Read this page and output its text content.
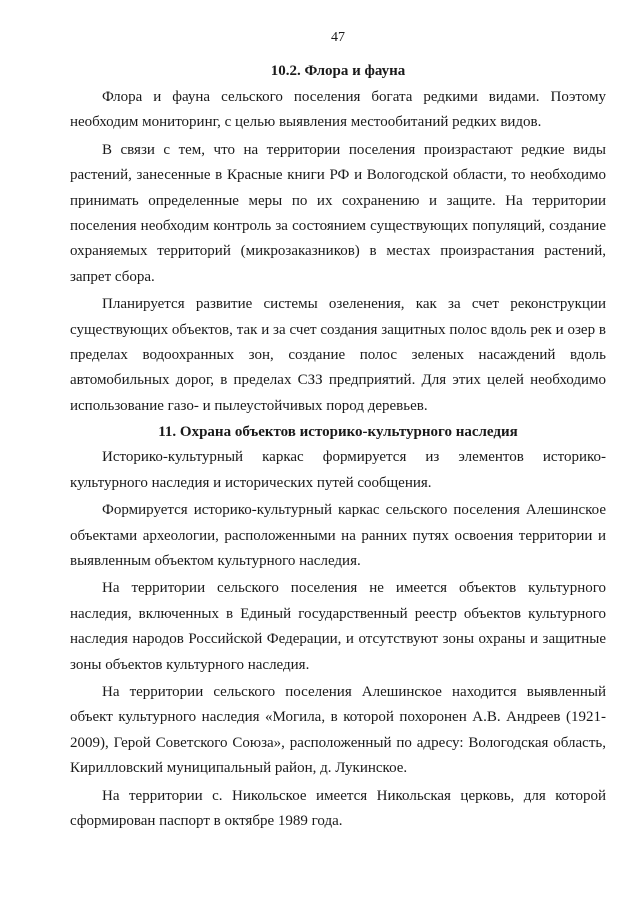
47
10.2. Флора и фауна

Флора и фауна сельского поселения богата редкими видами. Поэтому необходим мониторинг, с целью выявления местообитаний редких видов.

В связи с тем, что на территории поселения произрастают редкие виды растений, занесенные в Красные книги РФ и Вологодской области, то необходимо принимать определенные меры по их сохранению и защите. На территории поселения необходим контроль за состоянием существующих популяций, создание охраняемых территорий (микрозаказников) в местах произрастания растений, запрет сбора.

Планируется развитие системы озеленения, как за счет реконструкции существующих объектов, так и за счет создания защитных полос вдоль рек и озер в пределах водоохранных зон, создание полос зеленых насаждений вдоль автомобильных дорог, в пределах СЗЗ предприятий. Для этих целей необходимо использование газо- и пылеустойчивых пород деревьев.

11. Охрана объектов историко-культурного наследия

Историко-культурный каркас формируется из элементов историко-культурного наследия и исторических путей сообщения.

Формируется историко-культурный каркас сельского поселения Алешинское объектами археологии, расположенными на ранних путях освоения территории и выявленным объектом культурного наследия.

На территории сельского поселения не имеется объектов культурного наследия, включенных в Единый государственный реестр объектов культурного наследия народов Российской Федерации, и отсутствуют зоны охраны и защитные зоны объектов культурного наследия.

На территории сельского поселения Алешинское находится выявленный объект культурного наследия «Могила, в которой похоронен А.В. Андреев (1921-2009), Герой Советского Союза», расположенный по адресу: Вологодская область, Кирилловский муниципальный район, д. Лукинское.

На территории с. Никольское имеется Никольская церковь, для которой сформирован паспорт в октябре 1989 года.
